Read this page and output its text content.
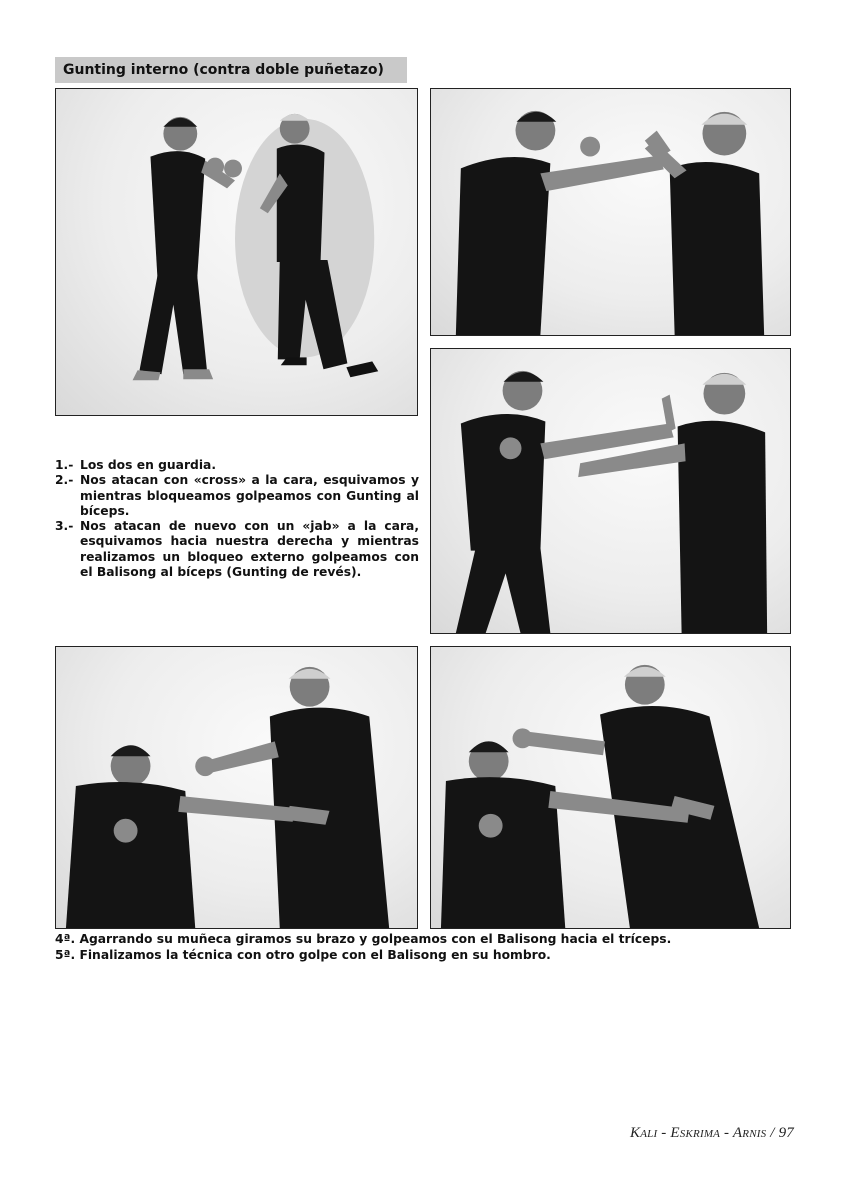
Gunting interno (contra doble puñetazo)
1.- Los dos en guardia.
2.- Nos atacan con «cross» a la cara, esquivamos y mientras bloqueamos golpeamos con Gunting al bíceps.
3.- Nos atacan de nuevo con un «jab» a la cara, esquivamos hacia nuestra derecha y mientras realizamos un bloqueo externo golpeamos con el Balisong al bíceps (Gunting de revés).
4ª. Agarrando su muñeca giramos su brazo y golpeamos con el Balisong hacia el tríceps.
5ª. Finalizamos la técnica con otro golpe con el Balisong en su hombro.
Kali - Eskrima - Arnis / 97
